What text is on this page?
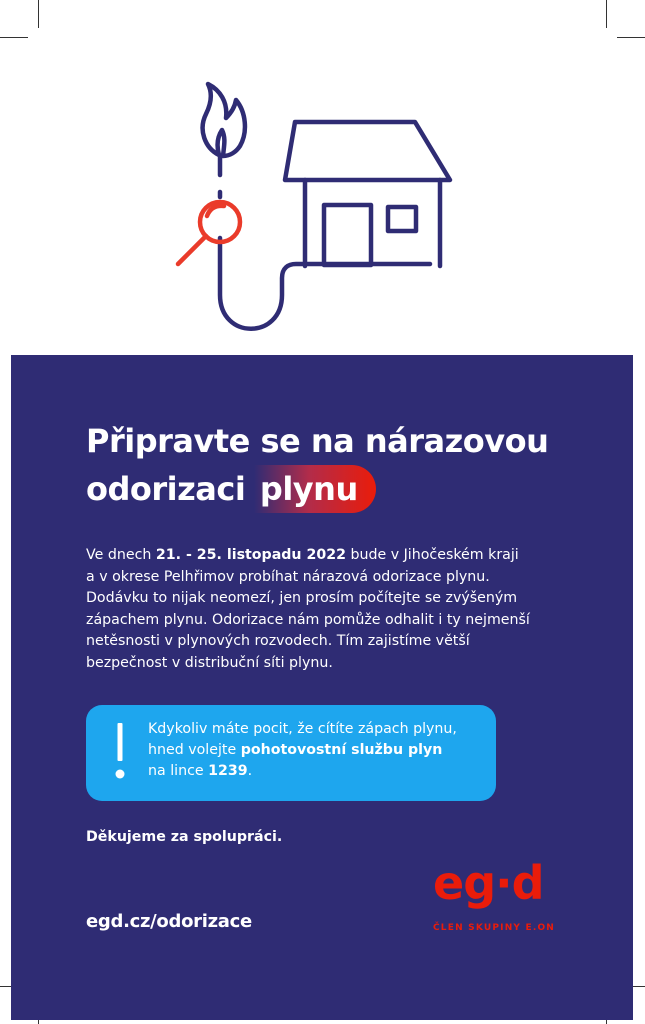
Připravte se na nárazovou
odorizaci plynu
Ve dnech 21. - 25. listopadu 2022 bude v Jihočeském kraji
a v okrese Pelhřimov probíhat nárazová odorizace plynu.
Dodávku to nijak neomezí, jen prosím počítejte se zvýšeným
zápachem plynu. Odorizace nám pomůže odhalit i ty nejmenší
netěsnosti v plynových rozvodech. Tím zajistíme větší
bezpečnost v distribuční síti plynu.
Kdykoliv máte pocit, že cítíte zápach plynu,
hned volejte pohotovostní službu plyn
na lince 1239.
Děkujeme za spolupráci.
egd.cz/odorizace
eg·d
ČLEN SKUPINY E.ON
